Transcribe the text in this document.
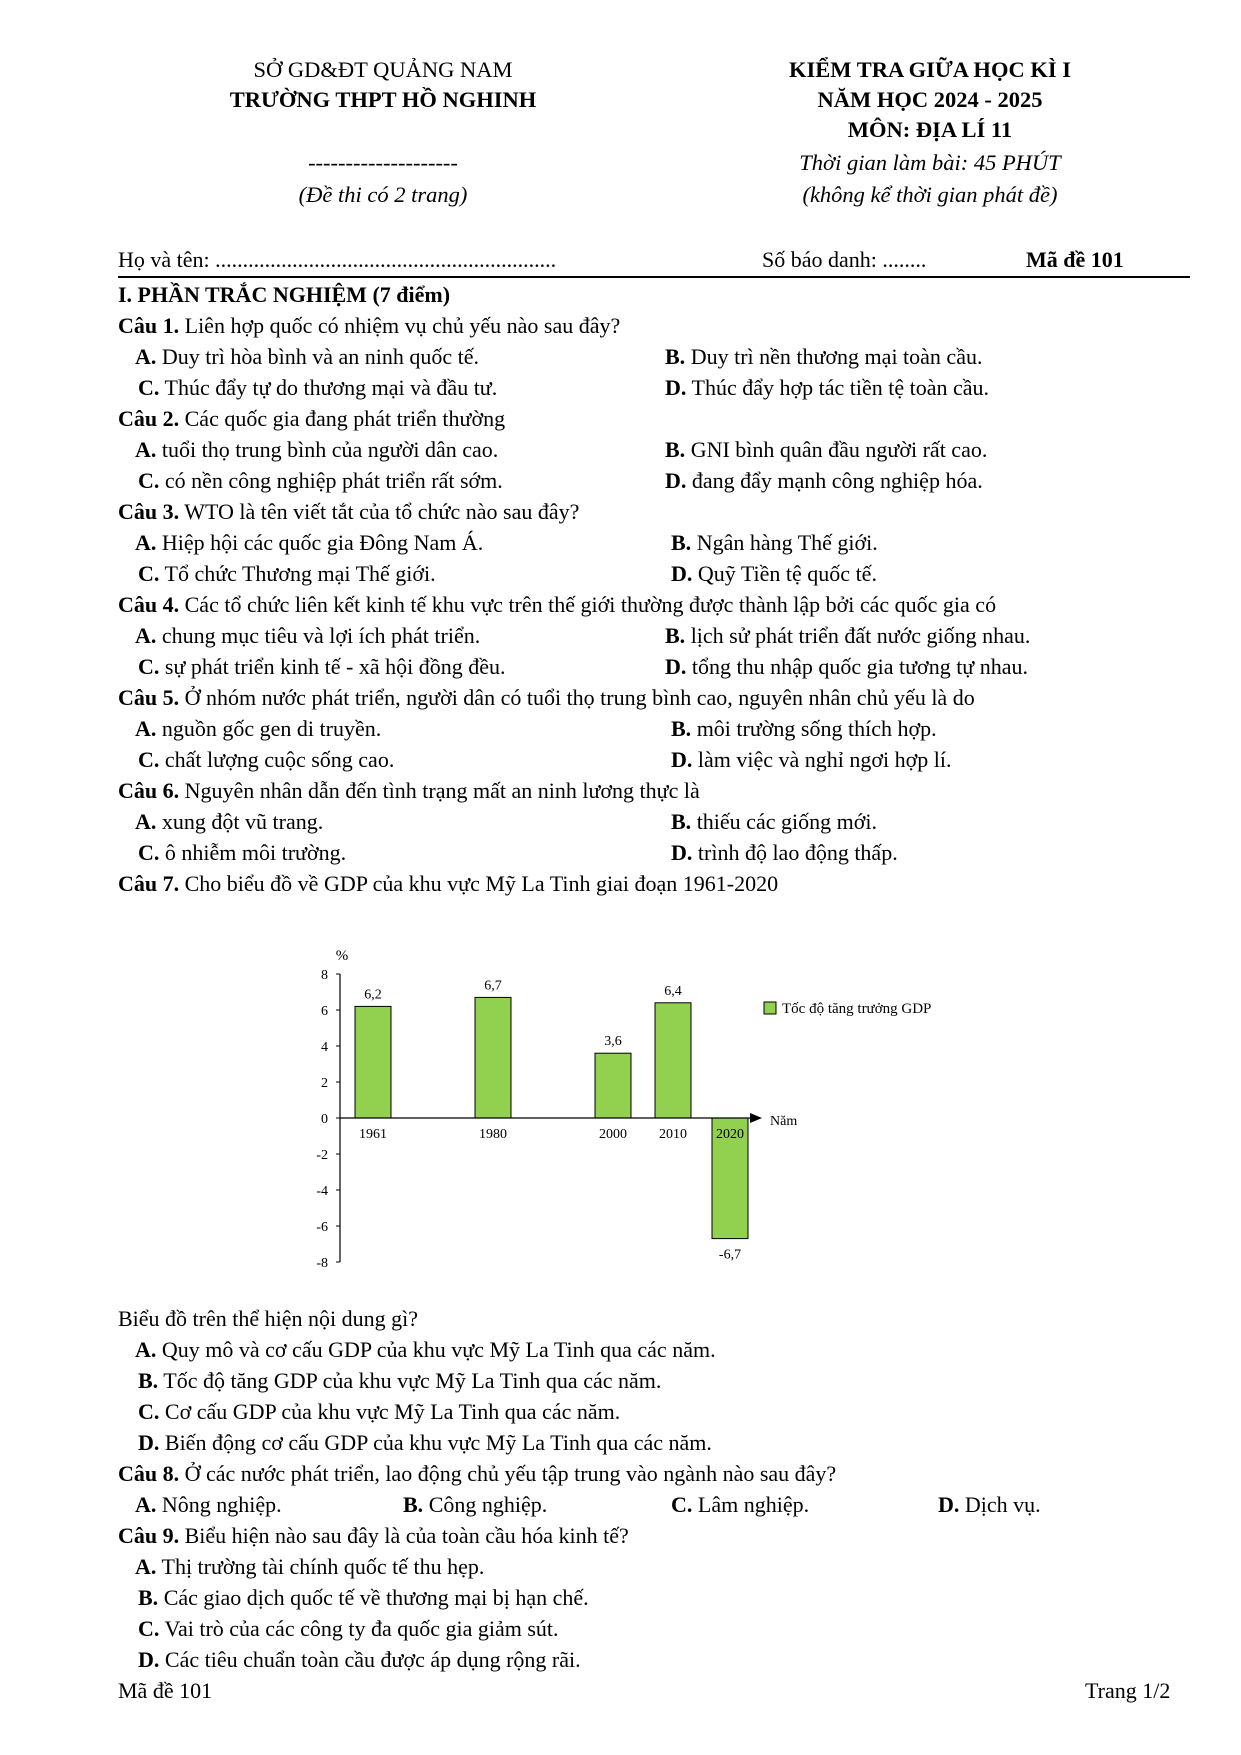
SỞ GD&ĐT QUẢNG NAM
TRƯỜNG THPT HỒ NGHINH
--------------------
(Đề thi có 2 trang)
KIỂM TRA GIỮA HỌC KÌ I
NĂM HỌC 2024 - 2025
MÔN: ĐỊA LÍ 11
Thời gian làm bài: 45 PHÚT
(không kể thời gian phát đề)
Họ và tên: ..............................................................	Số báo danh: ........	Mã đề 101
I. PHẦN TRẮC NGHIỆM (7 điểm)
Câu 1. Liên hợp quốc có nhiệm vụ chủ yếu nào sau đây?
A. Duy trì hòa bình và an ninh quốc tế.	B. Duy trì nền thương mại toàn cầu.
C. Thúc đẩy tự do thương mại và đầu tư.	D. Thúc đẩy hợp tác tiền tệ toàn cầu.
Câu 2. Các quốc gia đang phát triển thường
A. tuổi thọ trung bình của người dân cao.	B. GNI bình quân đầu người rất cao.
C. có nền công nghiệp phát triển rất sớm.	D. đang đẩy mạnh công nghiệp hóa.
Câu 3. WTO là tên viết tắt của tổ chức nào sau đây?
A. Hiệp hội các quốc gia Đông Nam Á.	B. Ngân hàng Thế giới.
C. Tổ chức Thương mại Thế giới.	D. Quỹ Tiền tệ quốc tế.
Câu 4. Các tổ chức liên kết kinh tế khu vực trên thế giới thường được thành lập bởi các quốc gia có
A. chung mục tiêu và lợi ích phát triển.	B. lịch sử phát triển đất nước giống nhau.
C. sự phát triển kinh tế - xã hội đồng đều.	D. tổng thu nhập quốc gia tương tự nhau.
Câu 5. Ở nhóm nước phát triển, người dân có tuổi thọ trung bình cao, nguyên nhân chủ yếu là do
A. nguồn gốc gen di truyền.	B. môi trường sống thích hợp.
C. chất lượng cuộc sống cao.	D. làm việc và nghỉ ngơi hợp lí.
Câu 6. Nguyên nhân dẫn đến tình trạng mất an ninh lương thực là
A. xung đột vũ trang.	B. thiếu các giống mới.
C. ô nhiễm môi trường.	D. trình độ lao động thấp.
Câu 7. Cho biểu đồ về GDP của khu vực Mỹ La Tinh giai đoạn 1961-2020
8
6
4
2
0
-2
-4
-6
-8
%
6,2
6,7
3,6
6,4
-6,7
1961	1980	2000 2010 2020
Năm
Tốc độ tăng trưởng GDP
Biểu đồ trên thể hiện nội dung gì?
A. Quy mô và cơ cấu GDP của khu vực Mỹ La Tinh qua các năm.
B. Tốc độ tăng GDP của khu vực Mỹ La Tinh qua các năm.
C. Cơ cấu GDP của khu vực Mỹ La Tinh qua các năm.
D. Biến động cơ cấu GDP của khu vực Mỹ La Tinh qua các năm.
Câu 8. Ở các nước phát triển, lao động chủ yếu tập trung vào ngành nào sau đây?
A. Nông nghiệp.	B. Công nghiệp.	C. Lâm nghiệp.	D. Dịch vụ.
Câu 9. Biểu hiện nào sau đây là của toàn cầu hóa kinh tế?
A. Thị trường tài chính quốc tế thu hẹp.
B. Các giao dịch quốc tế về thương mại bị hạn chế.
C. Vai trò của các công ty đa quốc gia giảm sút.
D. Các tiêu chuẩn toàn cầu được áp dụng rộng rãi.
Mã đề 101	Trang 1/2
